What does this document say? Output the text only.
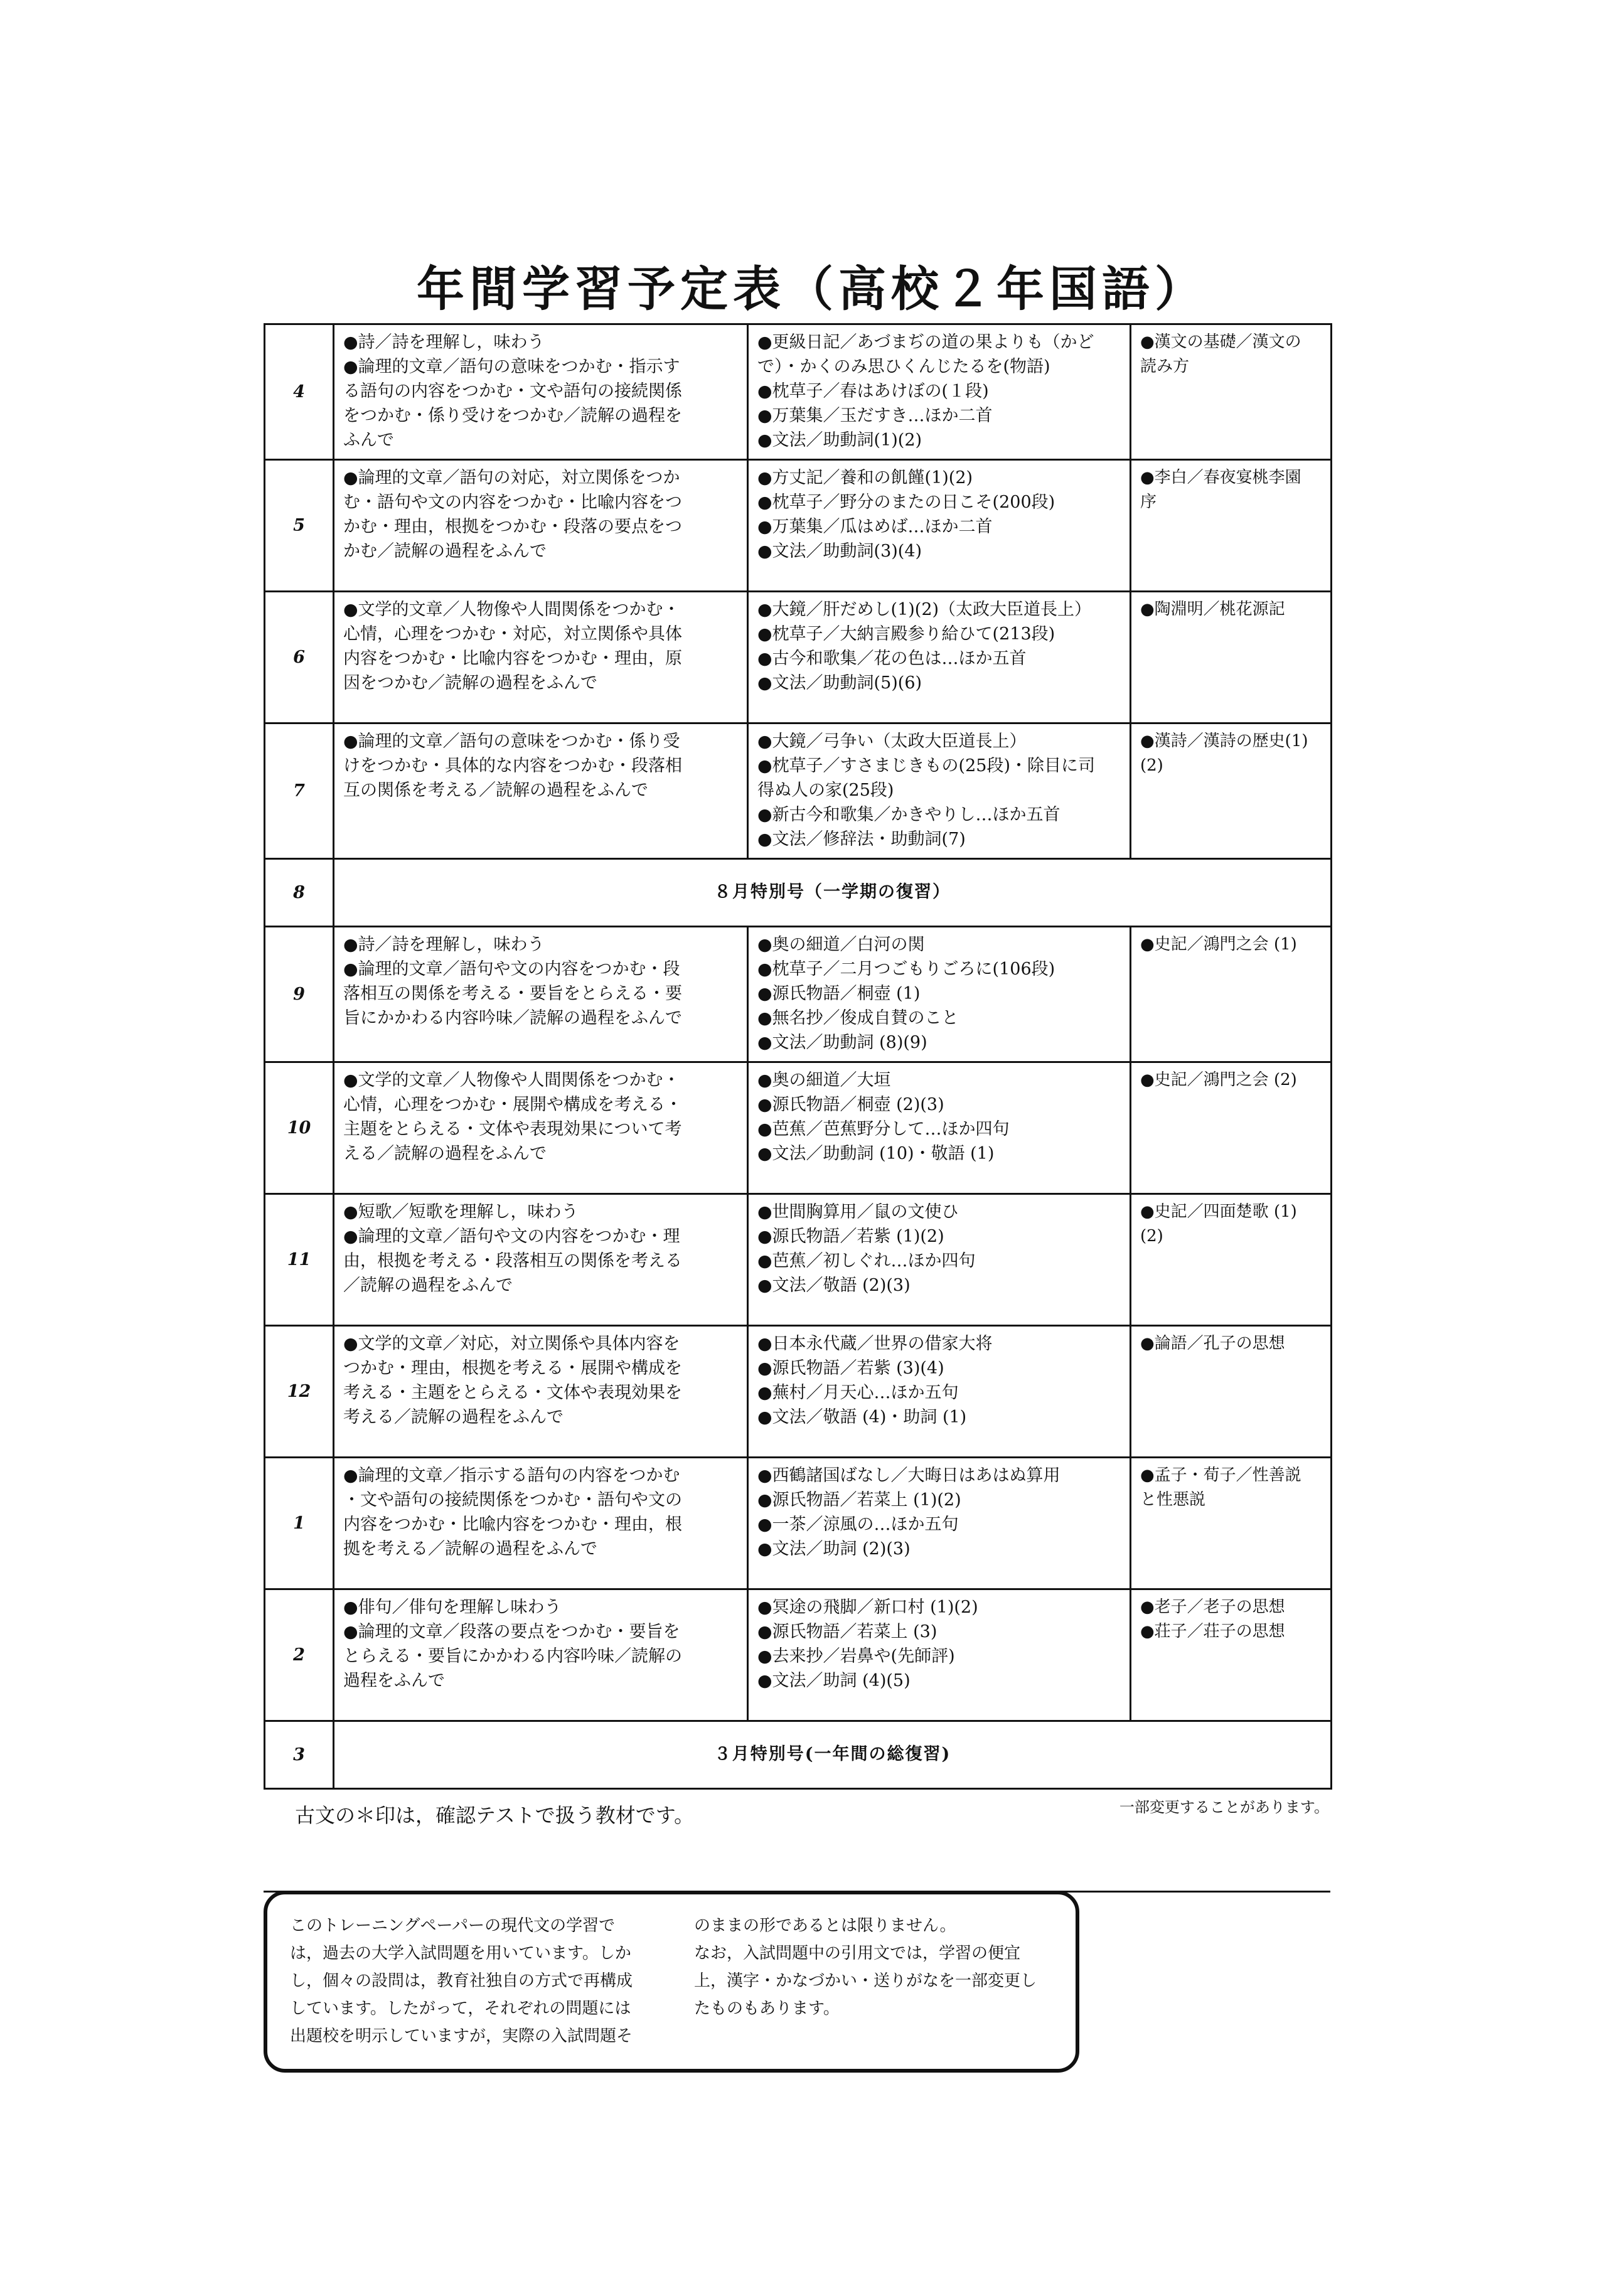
年間学習予定表（高校２年国語）
4	●詩／詩を理解し，味わう
●論理的文章／語句の意味をつかむ・指示す
る語句の内容をつかむ・文や語句の接続関係
をつかむ・係り受けをつかむ／読解の過程を
ふんで	●更級日記／あづまぢの道の果よりも（かど
で）・かくのみ思ひくんじたるを(物語)
●枕草子／春はあけぼの(１段)
●万葉集／玉だすき…ほか二首
●文法／助動詞(1)(2)	●漢文の基礎／漢文の
読み方

5	●論理的文章／語句の対応，対立関係をつか
む・語句や文の内容をつかむ・比喩内容をつ
かむ・理由，根拠をつかむ・段落の要点をつ
かむ／読解の過程をふんで	●方丈記／養和の飢饉(1)(2)
●枕草子／野分のまたの日こそ(200段)
●万葉集／瓜はめば…ほか二首
●文法／助動詞(3)(4)	●李白／春夜宴桃李園
序

6	●文学的文章／人物像や人間関係をつかむ・
心情，心理をつかむ・対応，対立関係や具体
内容をつかむ・比喩内容をつかむ・理由，原
因をつかむ／読解の過程をふんで	●大鏡／肝だめし(1)(2)（太政大臣道長上）
●枕草子／大納言殿参り給ひて(213段)
●古今和歌集／花の色は…ほか五首
●文法／助動詞(5)(6)	●陶淵明／桃花源記

7	●論理的文章／語句の意味をつかむ・係り受
けをつかむ・具体的な内容をつかむ・段落相
互の関係を考える／読解の過程をふんで	●大鏡／弓争い（太政大臣道長上）
●枕草子／すさまじきもの(25段)・除目に司
得ぬ人の家(25段)
●新古今和歌集／かきやりし…ほか五首
●文法／修辞法・助動詞(7)	●漢詩／漢詩の歴史(1)
(2)

8	８月特別号（一学期の復習）		
9	●詩／詩を理解し，味わう
●論理的文章／語句や文の内容をつかむ・段
落相互の関係を考える・要旨をとらえる・要
旨にかかわる内容吟味／読解の過程をふんで	●奥の細道／白河の関
●枕草子／二月つごもりごろに(106段)
●源氏物語／桐壺 (1)
●無名抄／俊成自賛のこと
●文法／助動詞 (8)(9)	●史記／鴻門之会 (1)

10	●文学的文章／人物像や人間関係をつかむ・
心情，心理をつかむ・展開や構成を考える・
主題をとらえる・文体や表現効果について考
える／読解の過程をふんで	●奥の細道／大垣
●源氏物語／桐壺 (2)(3)
●芭蕉／芭蕉野分して…ほか四句
●文法／助動詞 (10)・敬語 (1)	●史記／鴻門之会 (2)

11	●短歌／短歌を理解し，味わう
●論理的文章／語句や文の内容をつかむ・理
由，根拠を考える・段落相互の関係を考える
／読解の過程をふんで	●世間胸算用／鼠の文使ひ
●源氏物語／若紫 (1)(2)
●芭蕉／初しぐれ…ほか四句
●文法／敬語 (2)(3)	●史記／四面楚歌 (1)
(2)

12	●文学的文章／対応，対立関係や具体内容を
つかむ・理由，根拠を考える・展開や構成を
考える・主題をとらえる・文体や表現効果を
考える／読解の過程をふんで	●日本永代蔵／世界の借家大将
●源氏物語／若紫 (3)(4)
●蕪村／月天心…ほか五句
●文法／敬語 (4)・助詞 (1)	●論語／孔子の思想

1	●論理的文章／指示する語句の内容をつかむ
・文や語句の接続関係をつかむ・語句や文の
内容をつかむ・比喩内容をつかむ・理由，根
拠を考える／読解の過程をふんで	●西鶴諸国ばなし／大晦日はあはぬ算用
●源氏物語／若菜上 (1)(2)
●一茶／涼風の…ほか五句
●文法／助詞 (2)(3)	●孟子・荀子／性善説
と性悪説

2	●俳句／俳句を理解し味わう
●論理的文章／段落の要点をつかむ・要旨を
とらえる・要旨にかかわる内容吟味／読解の
過程をふんで	●冥途の飛脚／新口村 (1)(2)
●源氏物語／若菜上 (3)
●去来抄／岩鼻や(先師評)
●文法／助詞 (4)(5)	●老子／老子の思想
●荘子／荘子の思想

3	３月特別号(一年間の総復習)		
古文の＊印は，確認テストで扱う教材です。	一部変更することがあります。
このトレーニングペーパーの現代文の学習で
は，過去の大学入試問題を用いています。しか
し，個々の設問は，教育社独自の方式で再構成
しています。したがって，それぞれの問題には
出題校を明示していますが，実際の入試問題そ
のままの形であるとは限りません。
なお，入試問題中の引用文では，学習の便宜
上，漢字・かなづかい・送りがなを一部変更し
たものもあります。
